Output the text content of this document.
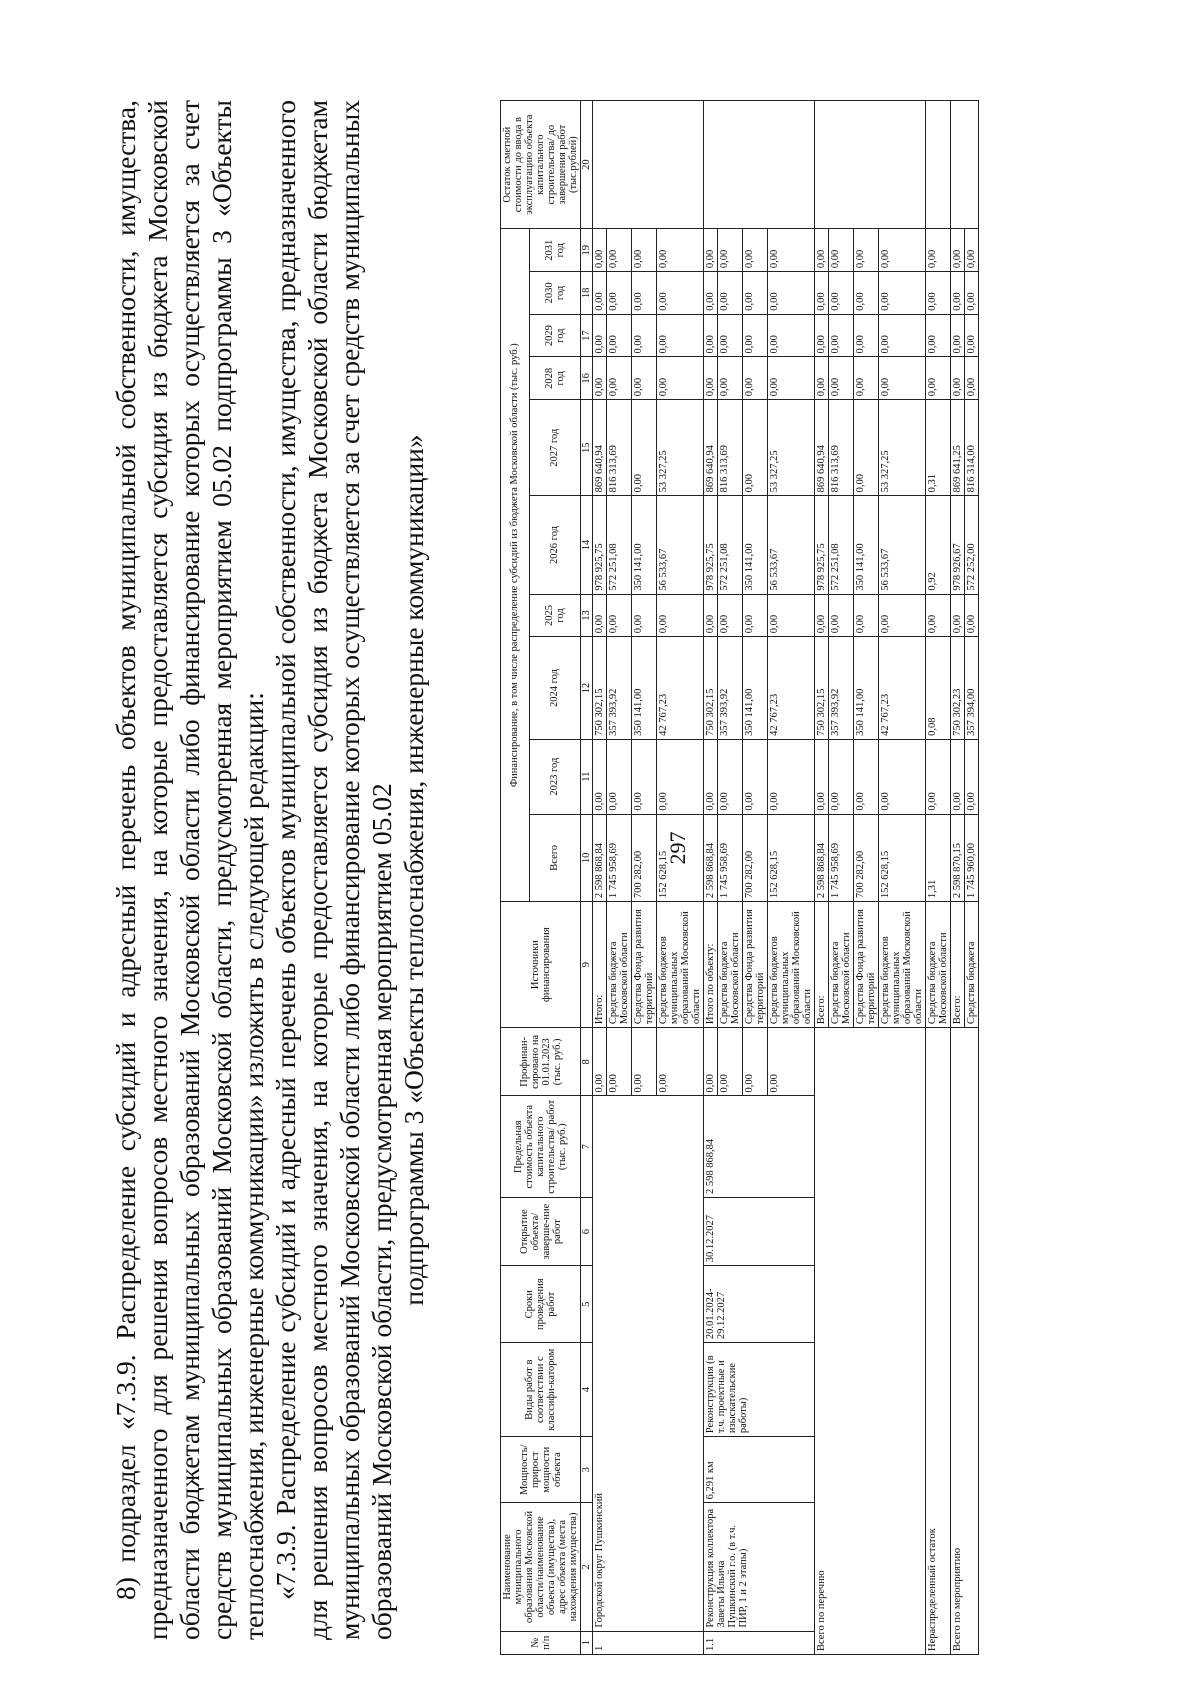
297

8) подраздел «7.3.9. Распределение субсидий и адресный перечень объектов муниципальной собственности, имущества, предназначенного для решения вопросов местного значения, на которые предоставляется субсидия из бюджета Московской области бюджетам муниципальных образований Московской области либо финансирование которых осуществляется за счет средств муниципальных образований Московской области, предусмотренная мероприятием 05.02 подпрограммы 3 «Объекты теплоснабжения, инженерные коммуникации» изложить в следующей редакции: «7.3.9. Распределение субсидий и адресный перечень объектов муниципальной собственности, имущества, предназначенного для решения вопросов местного значения, на которые предоставляется субсидия из бюджета Московской области бюджетам муниципальных образований Московской области либо финансирование которых осуществляется за счет средств муниципальных образований Московской области, предусмотренная мероприятием 05.02 подпрограммы 3 «Объекты теплоснабжения, инженерные коммуникации»

№ п/п	Наименование муниципального образования Московской области/наименование объекта (имущества), адрес объекта (места нахождения имущества)	Мощность/ прирост мощности объекта	Виды работ в соответствии с классифи-катором	Сроки проведения работ	Открытие объекта/ заверше-ние работ	Предельная стоимость объекта капитального строительства/ работ (тыс. руб.)	Профинан-сировано на 01.01.2023 (тыс. руб.)	Источники финансирования	Финансирование, в том числе распределение субсидий из бюджета Московской области (тыс. руб.)										Остаток сметной стоимости до ввода в эксплуатацию объекта капитального строительства/ до завершения работ (тыс.рублей)
									Всего	2023 год	2024 год	2025 год	2026 год	2027 год	2028 год	2029 год	2030 год	2031 год	
1	2	3	4	5	6	7	8	9	10	11	12	13	14	15	16	17	18	19	20
1	Городской округ Пушкинский						0,00	Итого:	2 598 868,84	0,00	750 302,15	0,00	978 925,75	869 640,94	0,00	0,00	0,00	0,00	
							0,00	Средства бюджета Московской области	1 745 958,69	0,00	357 393,92	0,00	572 251,08	816 313,69	0,00	0,00	0,00	0,00	
							0,00	Средства Фонда развития территорий	700 282,00	0,00	350 141,00	0,00	350 141,00	0,00	0,00	0,00	0,00	0,00	
							0,00	Средства бюджетов муниципальных образований Московской области	152 628,15	0,00	42 767,23	0,00	56 533,67	53 327,25	0,00	0,00	0,00	0,00	
1.1	Реконструкция коллектора Заветы Ильича Пушкинский г.о. (в т.ч. ПИР, 1 и 2 этапы)	6,291 км	Реконструкция (в т.ч. проектные и изыскательские работы)	20.01.2024-29.12.2027	30.12.2027	2 598 868,84	0,00	Итого по объекту:	2 598 868,84	0,00	750 302,15	0,00	978 925,75	869 640,94	0,00	0,00	0,00	0,00	
							0,00	Средства бюджета Московской области	1 745 958,69	0,00	357 393,92	0,00	572 251,08	816 313,69	0,00	0,00	0,00	0,00	
							0,00	Средства Фонда развития территорий	700 282,00	0,00	350 141,00	0,00	350 141,00	0,00	0,00	0,00	0,00	0,00	
							0,00	Средства бюджетов муниципальных образований Московской области	152 628,15	0,00	42 767,23	0,00	56 533,67	53 327,25	0,00	0,00	0,00	0,00	
Всего по перечню								Всего:	2 598 868,84	0,00	750 302,15	0,00	978 925,75	869 640,94	0,00	0,00	0,00	0,00	
								Средства бюджета Московской области	1 745 958,69	0,00	357 393,92	0,00	572 251,08	816 313,69	0,00	0,00	0,00	0,00	
								Средства Фонда развития территорий	700 282,00	0,00	350 141,00	0,00	350 141,00	0,00	0,00	0,00	0,00	0,00	
								Средства бюджетов муниципальных образований Московской области	152 628,15	0,00	42 767,23	0,00	56 533,67	53 327,25	0,00	0,00	0,00	0,00	
Нераспределенный остаток								Средства бюджета Московской области	1,31	0,00	0,08	0,00	0,92	0,31	0,00	0,00	0,00	0,00	
Всего по мероприятию								Всего:	2 598 870,15	0,00	750 302,23	0,00	978 926,67	869 641,25	0,00	0,00	0,00	0,00	
								Средства бюджета	1 745 960,00	0,00	357 394,00	0,00	572 252,00	816 314,00	0,00	0,00	0,00	0,00	
